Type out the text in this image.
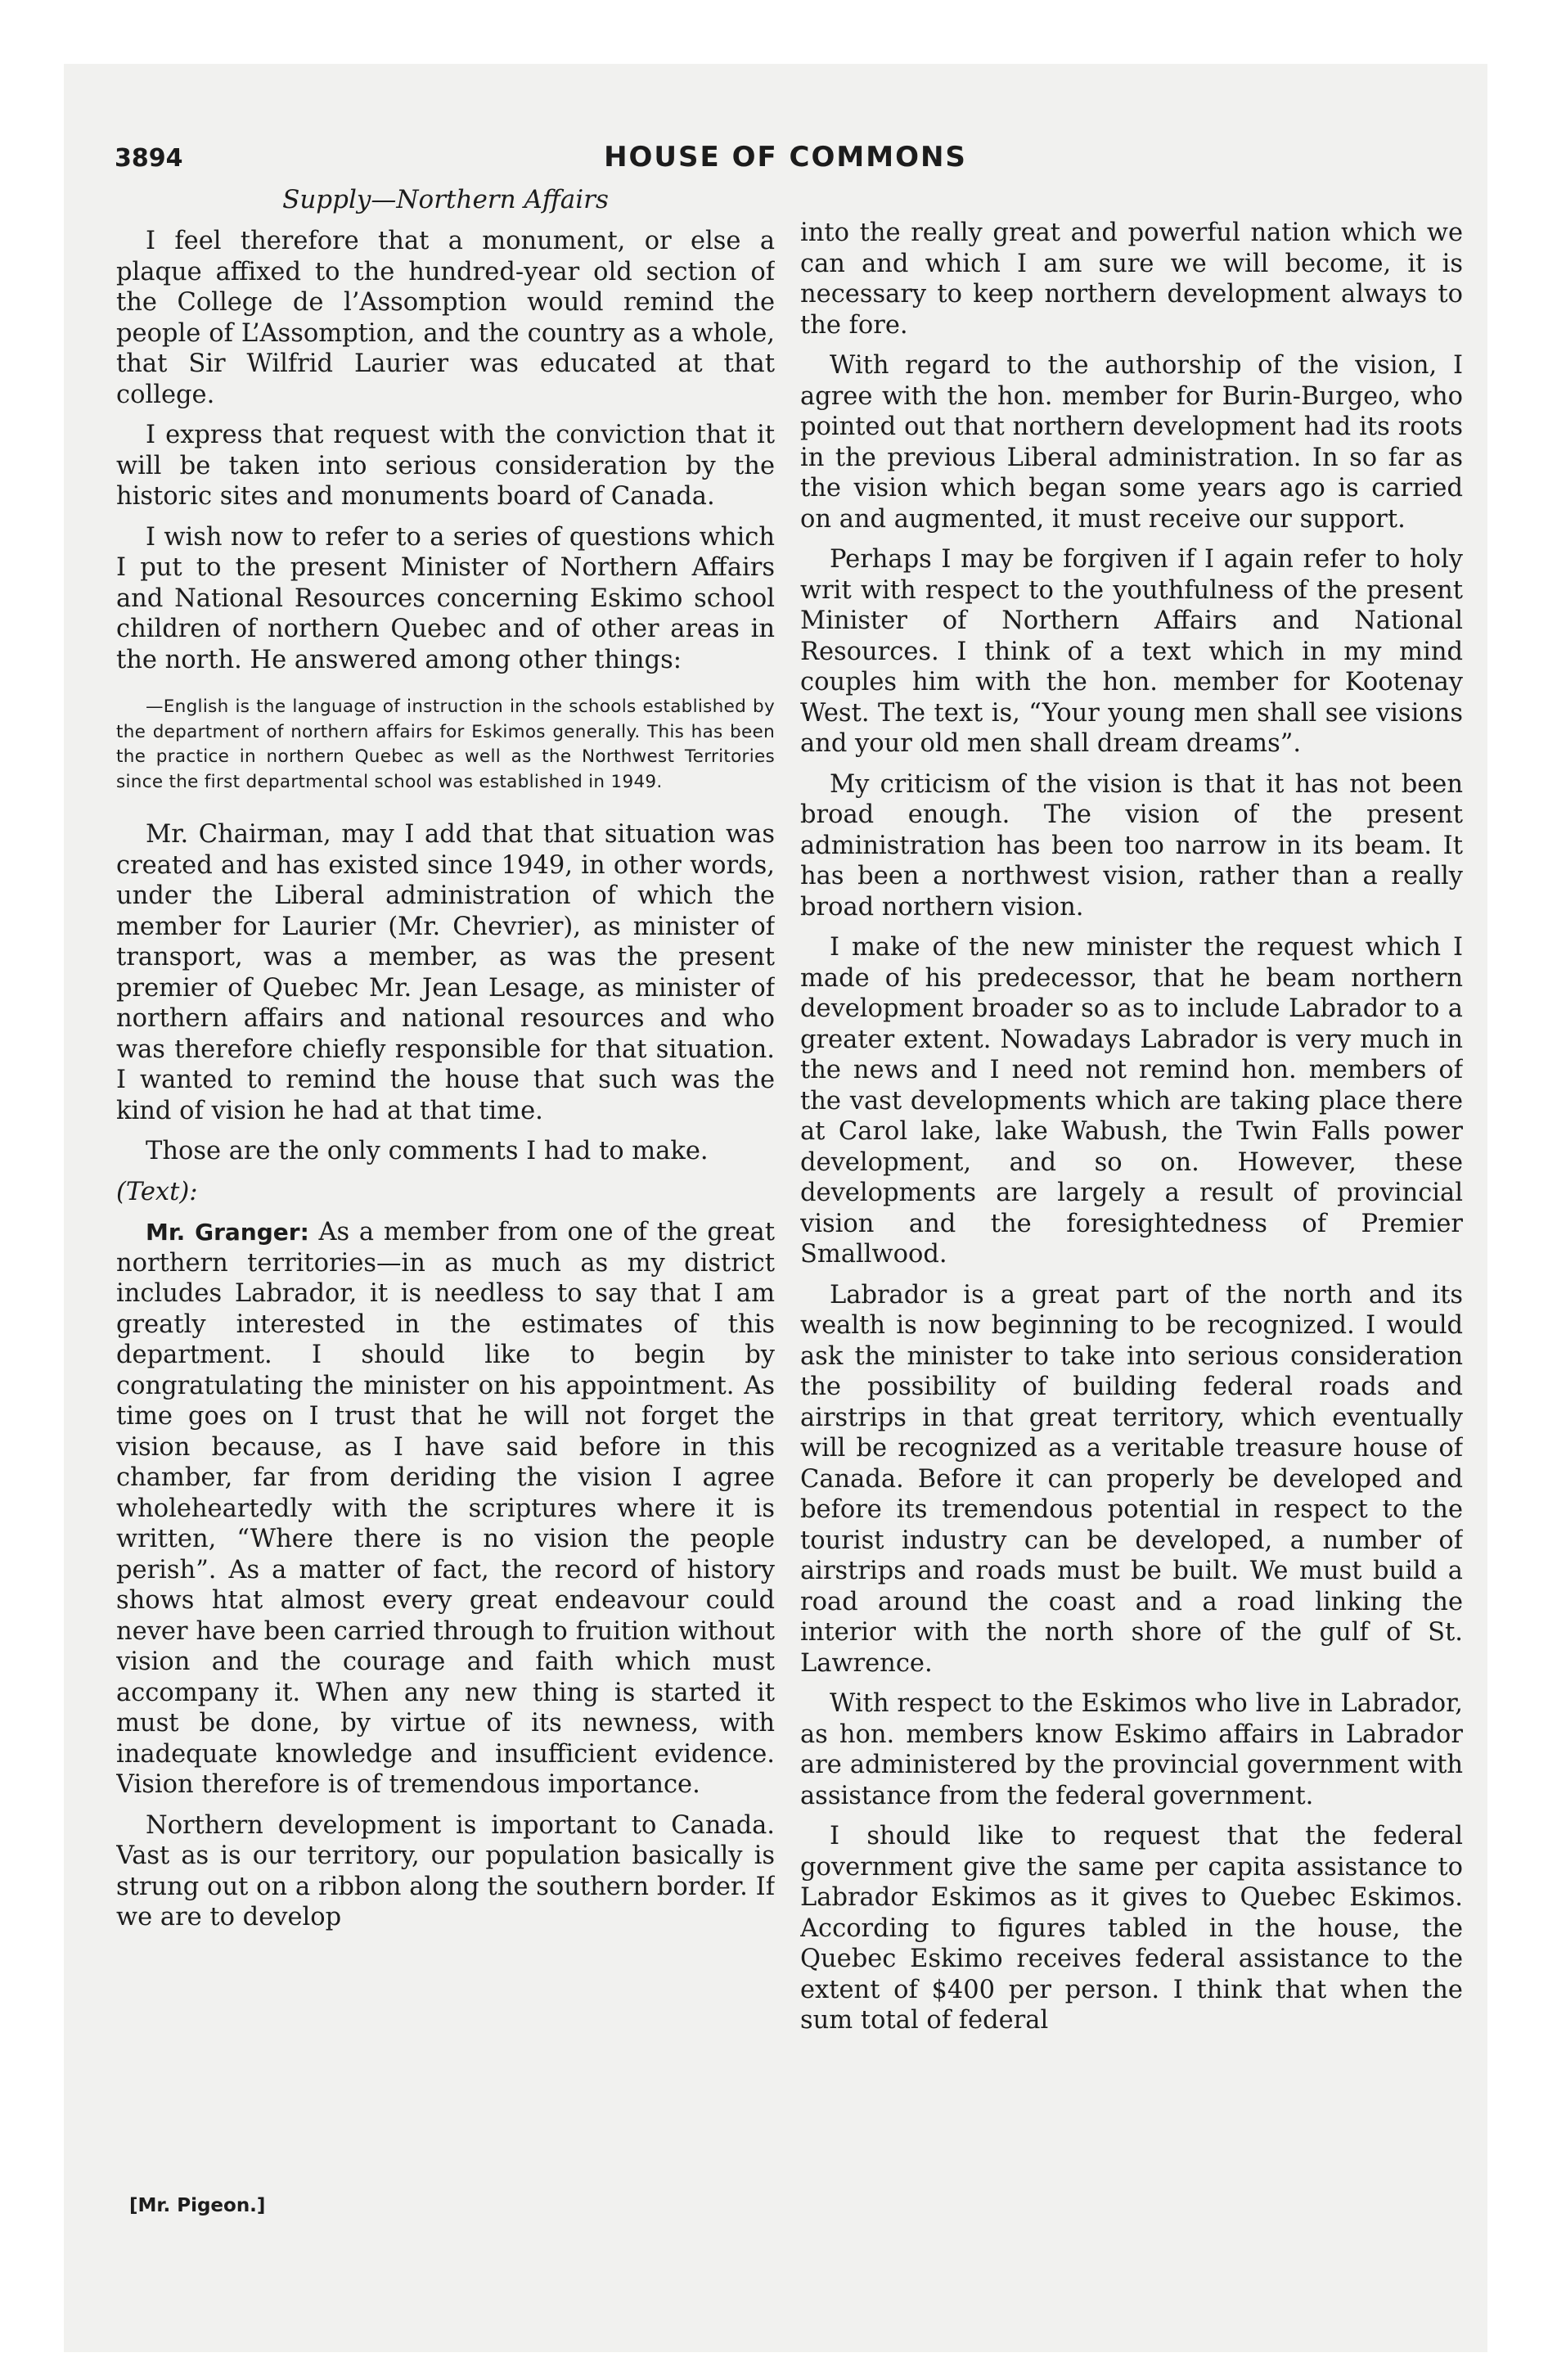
3894	HOUSE OF COMMONS
Supply—Northern Affairs

I feel therefore that a monument, or else a plaque affixed to the hundred-year old section of the College de l’Assomption would remind the people of L’Assomption, and the country as a whole, that Sir Wilfrid Laurier was educated at that college.

I express that request with the conviction that it will be taken into serious consideration by the historic sites and monuments board of Canada.

I wish now to refer to a series of questions which I put to the present Minister of Northern Affairs and National Resources concerning Eskimo school children of northern Quebec and of other areas in the north. He answered among other things:

—English is the language of instruction in the schools established by the department of northern affairs for Eskimos generally. This has been the practice in northern Quebec as well as the Northwest Territories since the first departmental school was established in 1949.

Mr. Chairman, may I add that that situation was created and has existed since 1949, in other words, under the Liberal administration of which the member for Laurier (Mr. Chevrier), as minister of transport, was a member, as was the present premier of Quebec Mr. Jean Lesage, as minister of northern affairs and national resources and who was therefore chiefly responsible for that situation. I wanted to remind the house that such was the kind of vision he had at that time.

Those are the only comments I had to make.

(Text):

Mr. Granger: As a member from one of the great northern territories—in as much as my district includes Labrador, it is needless to say that I am greatly interested in the estimates of this department. I should like to begin by congratulating the minister on his appointment. As time goes on I trust that he will not forget the vision because, as I have said before in this chamber, far from deriding the vision I agree wholeheartedly with the scriptures where it is written, “Where there is no vision the people perish”. As a matter of fact, the record of history shows htat almost every great endeavour could never have been carried through to fruition without vision and the courage and faith which must accompany it. When any new thing is started it must be done, by virtue of its newness, with inadequate knowledge and insufficient evidence. Vision therefore is of tremendous importance.

Northern development is important to Canada. Vast as is our territory, our population basically is strung out on a ribbon along the southern border. If we are to develop

into the really great and powerful nation which we can and which I am sure we will become, it is necessary to keep northern development always to the fore.

With regard to the authorship of the vision, I agree with the hon. member for Burin-Burgeo, who pointed out that northern development had its roots in the previous Liberal administration. In so far as the vision which began some years ago is carried on and augmented, it must receive our support.

Perhaps I may be forgiven if I again refer to holy writ with respect to the youthfulness of the present Minister of Northern Affairs and National Resources. I think of a text which in my mind couples him with the hon. member for Kootenay West. The text is, “Your young men shall see visions and your old men shall dream dreams”.

My criticism of the vision is that it has not been broad enough. The vision of the present administration has been too narrow in its beam. It has been a northwest vision, rather than a really broad northern vision.

I make of the new minister the request which I made of his predecessor, that he beam northern development broader so as to include Labrador to a greater extent. Nowadays Labrador is very much in the news and I need not remind hon. members of the vast developments which are taking place there at Carol lake, lake Wabush, the Twin Falls power development, and so on. However, these developments are largely a result of provincial vision and the foresightedness of Premier Smallwood.

Labrador is a great part of the north and its wealth is now beginning to be recognized. I would ask the minister to take into serious consideration the possibility of building federal roads and airstrips in that great territory, which eventually will be recognized as a veritable treasure house of Canada. Before it can properly be developed and before its tremendous potential in respect to the tourist industry can be developed, a number of airstrips and roads must be built. We must build a road around the coast and a road linking the interior with the north shore of the gulf of St. Lawrence.

With respect to the Eskimos who live in Labrador, as hon. members know Eskimo affairs in Labrador are administered by the provincial government with assistance from the federal government.

I should like to request that the federal government give the same per capita assistance to Labrador Eskimos as it gives to Quebec Eskimos. According to figures tabled in the house, the Quebec Eskimo receives federal assistance to the extent of $400 per person. I think that when the sum total of federal

[Mr. Pigeon.]
